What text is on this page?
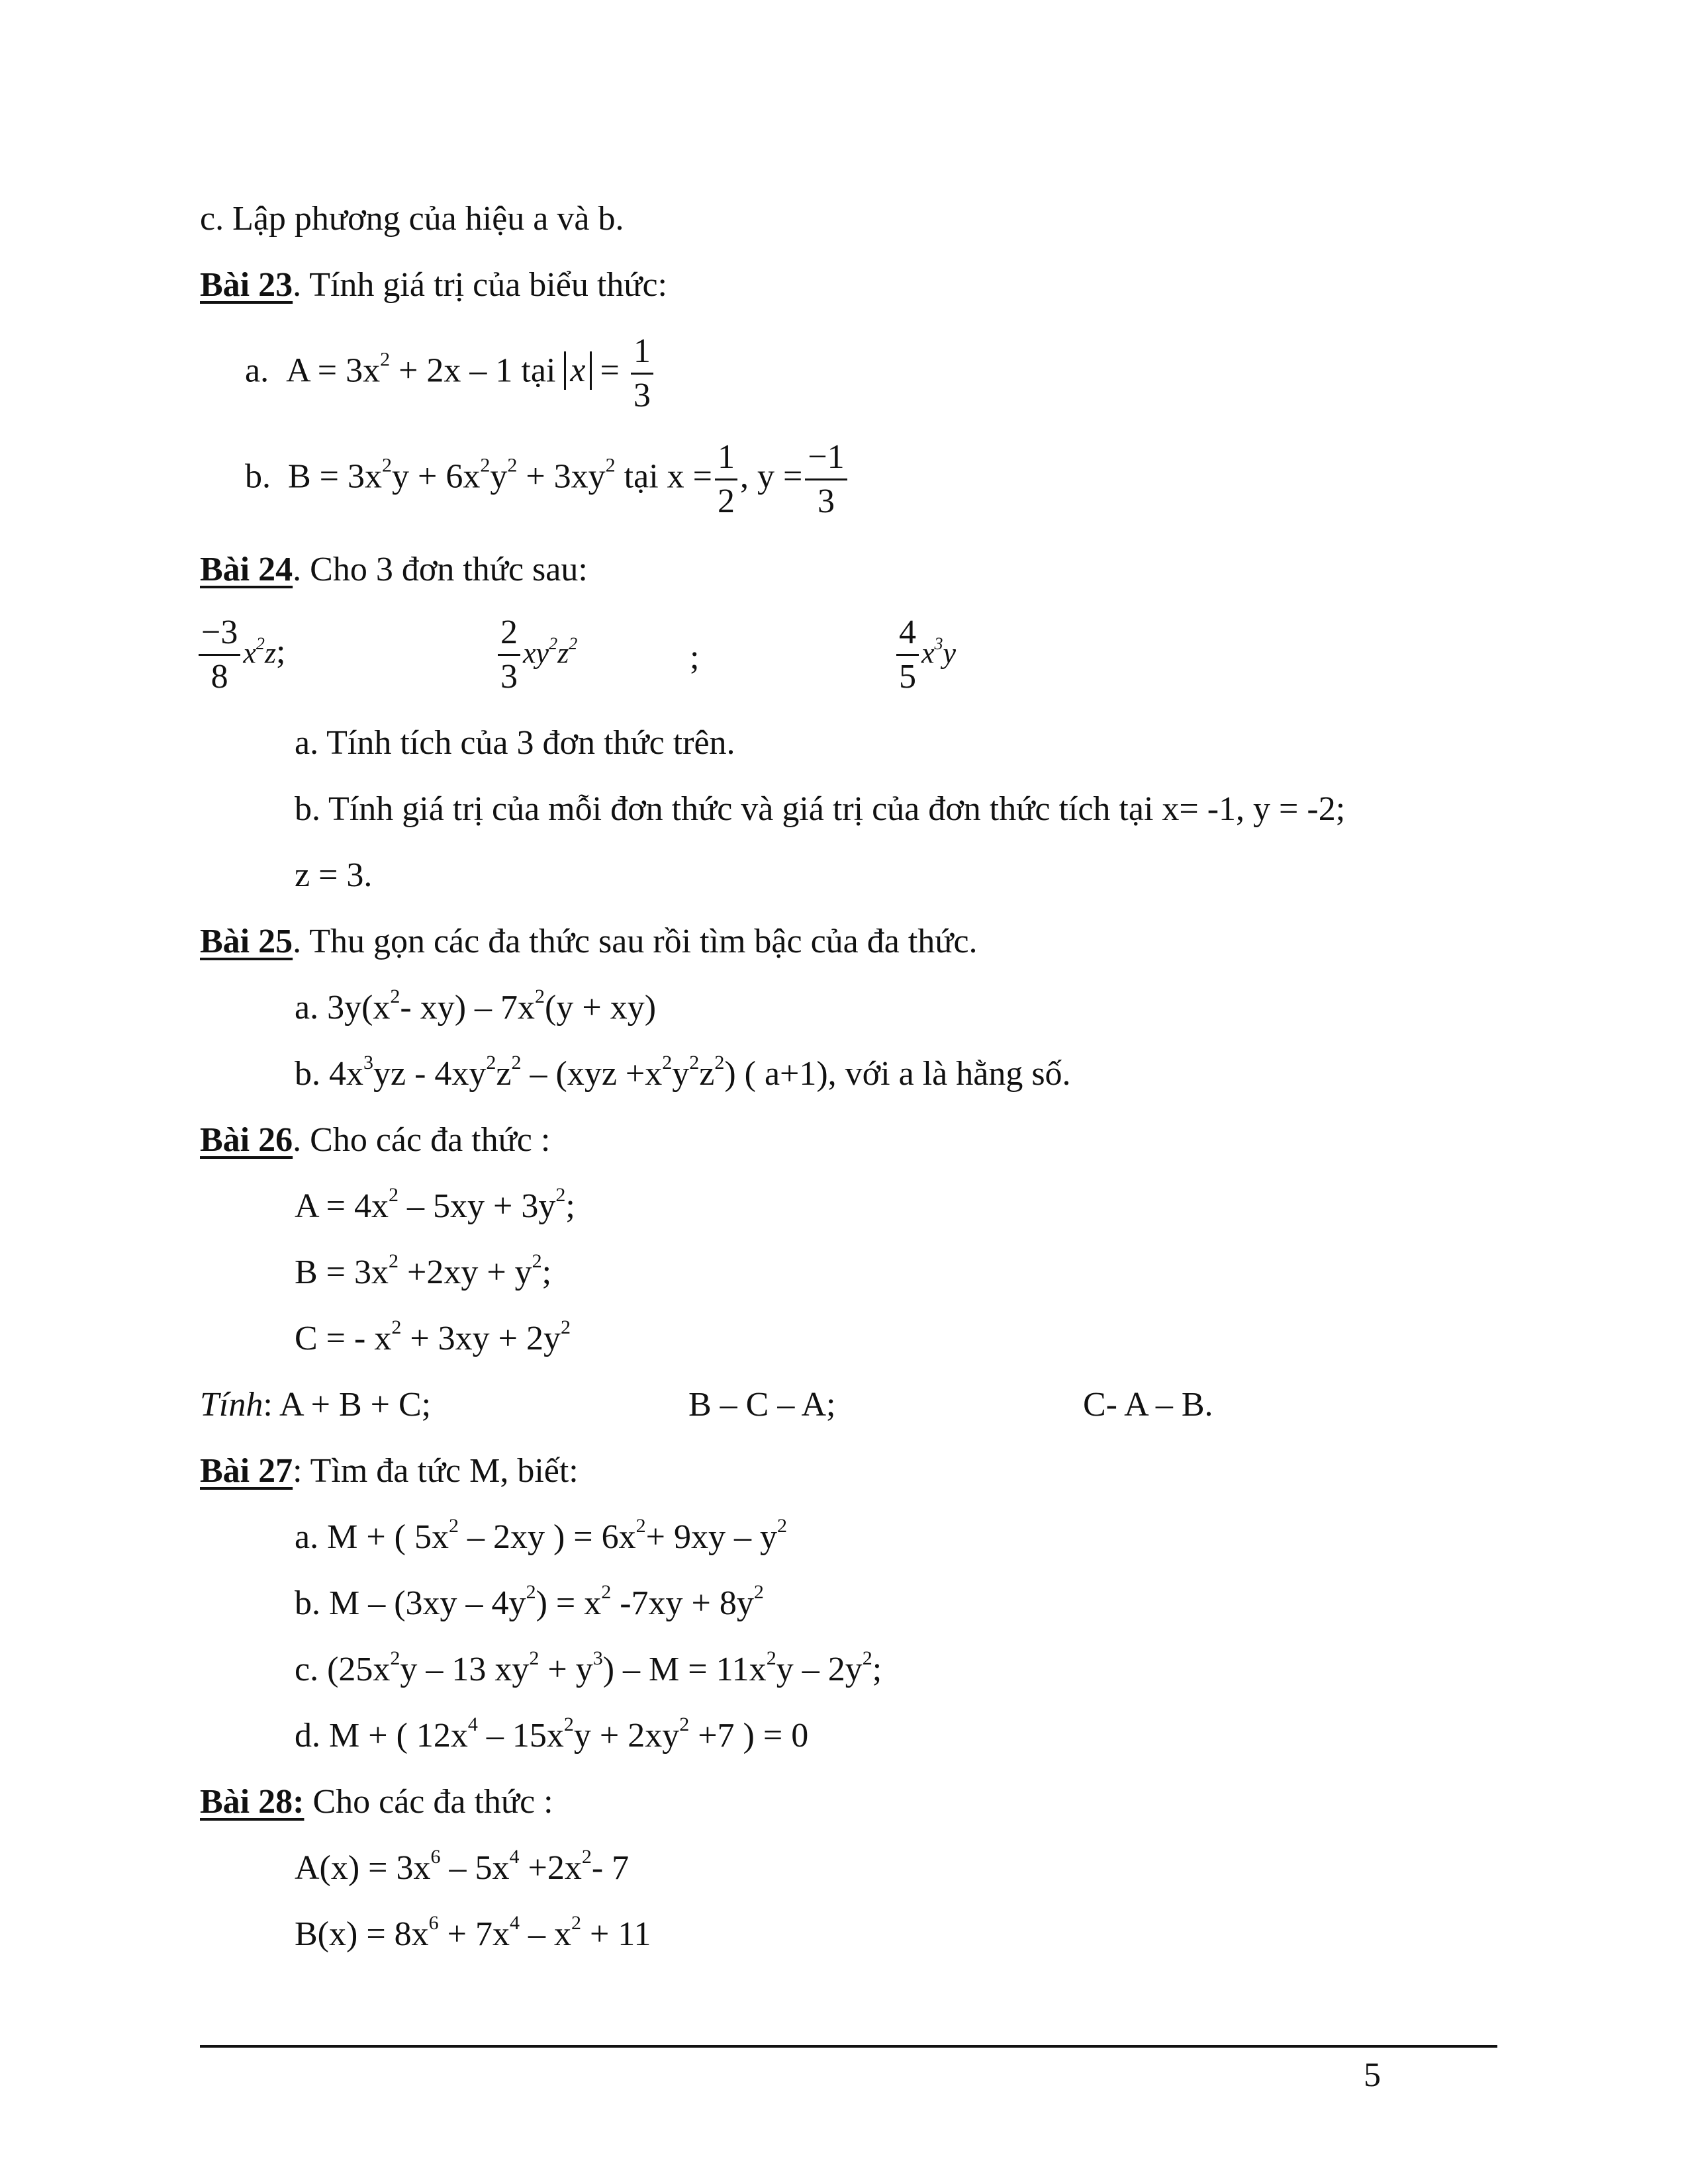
c. Lập phương của hiệu a và b.
Bài 23. Tính giá trị của biểu thức:
a. $A = 3x^2 + 2x - 1$ tại $x = \frac{1}{3}$
b. $B = 3x^2y + 6x^2y^2 + 3xy^2$ tại $x = \frac{1}{2}$ , $y = \frac{-1}{3}$
Bài 24. Cho 3 đơn thức sau:
$\frac{-3}{8} x^2z$;	$\frac{2}{3} xy^2z^2$	;	$\frac{4}{5} x^3y$
a. Tính tích của 3 đơn thức trên.
b. Tính giá trị của mỗi đơn thức và giá trị của đơn thức tích tại x= -1, y = -2;
z = 3.
Bài 25. Thu gọn các đa thức sau rồi tìm bậc của đa thức.
a. $3y(x^2-$ $xy) - 7x^2(y + xy)$
b. $4x^3yz - 4xy^2z^2 - (xyz +x^2y^2z^2)$ ( a+1), với a là hằng số.
Bài 26. Cho các đa thức :
$A = 4x^2 - 5xy + 3y^2$;
$B = 3x^2 +2xy + y^2$;
C = - $x^2 + 3xy + 2y^2$
Tính: A + B + C;	B – C – A;	C- A – B.
Bài 27: Tìm đa tức M, biết:
a. M + ( $5x^2 - 2xy$ ) = $6x^2+ 9xy - y^2$
b. $M - (3xy - 4y^2) = x^2$ $-7xy + 8y^2$
c. ($25x^2y - 13$ $xy^2 + y^3) - M = 11x^2y - 2y^2$;
d. M + ( $12x^4 - 15x^2y + 2xy^2 +7$ ) = 0
Bài 28: Cho các đa thức :
$A(x) = 3x^6 - 5x^4 +2x^2-$ 7
$B(x) = 8x^6 + 7x^4 - x^2 + 11$
5
